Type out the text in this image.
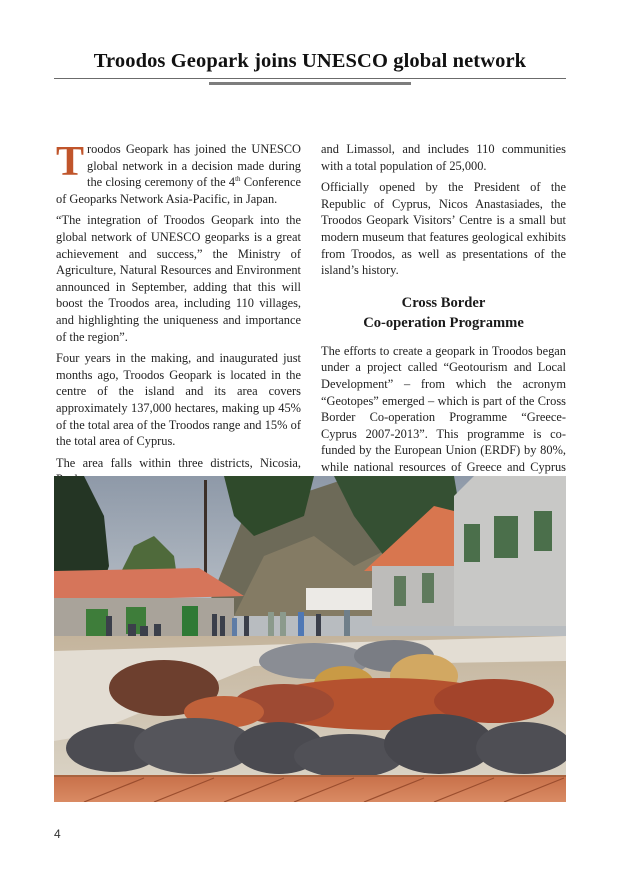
Troodos Geopark joins UNESCO global network

Troodos Geopark has joined the UNESCO global network in a decision made during the closing ceremony of the 4th Conference of Geoparks Network Asia-Pacific, in Japan.

“The integration of Troodos Geopark into the global network of UNESCO geoparks is a great achievement and success,” the Ministry of Agriculture, Natural Resources and Environment announced in September, adding that this will boost the Troodos area, including 110 villages, and highlighting the uniqueness and importance of the region”.

Four years in the making, and inaugurated just months ago, Troodos Geopark is located in the centre of the island and its area covers approximately 137,000 hectares, making up 45% of the total area of the Troodos range and 15% of the total area of Cyprus.

The area falls within three districts, Nicosia,

and Limassol, and includes 110 communities with a total population of 25,000.

Officially opened by the President of the Republic of Cyprus, Nicos Anastasiades, the Troodos Geopark Visitors’ Centre is a small but modern museum that features geological exhibits from Troodos, as well as presentations of the island’s history.

Cross Border
Co-operation Programme

The efforts to create a geopark in Troodos began under a project called “Geotourism and Local Development” – from which the acronym “Geotopes” emerged – which is part of the Cross Border Co-operation Programme “Greece-Cyprus 2007-2013”. This programme is co-funded by the European Union (ERDF) by 80%, while national resources of Greece and Cyprus

4
